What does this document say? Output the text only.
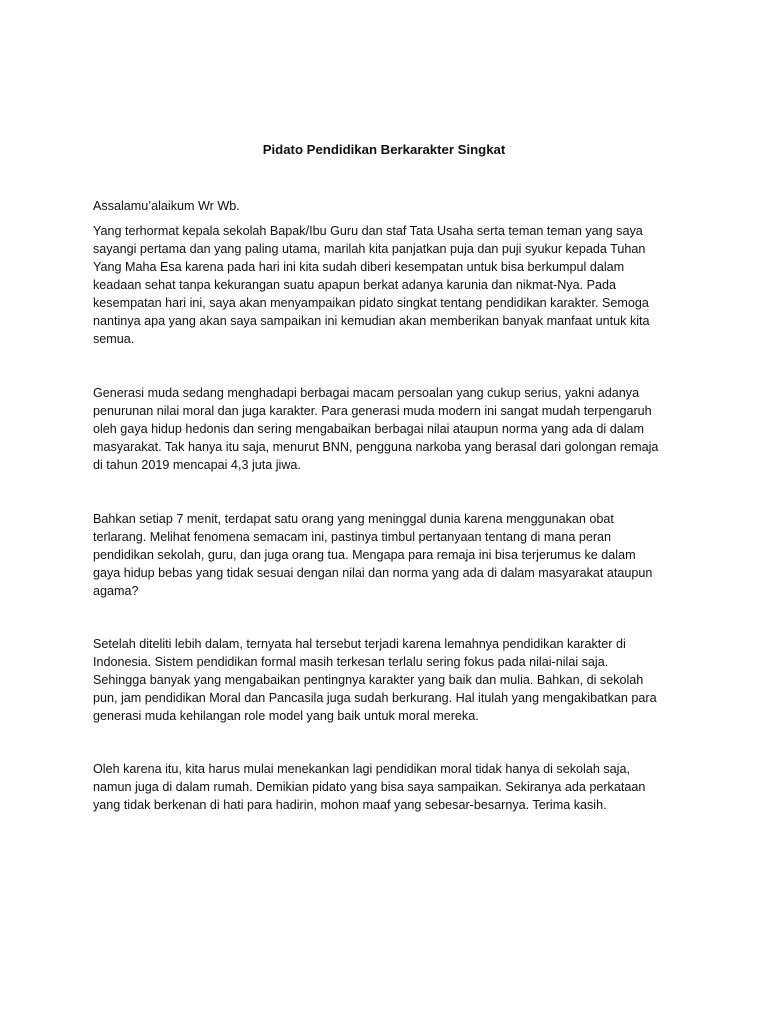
Pidato Pendidikan Berkarakter Singkat

Assalamu’alaikum Wr Wb.

Yang terhormat kepala sekolah Bapak/Ibu Guru dan staf Tata Usaha serta teman teman yang saya
sayangi pertama dan yang paling utama, marilah kita panjatkan puja dan puji syukur kepada Tuhan
Yang Maha Esa karena pada hari ini kita sudah diberi kesempatan untuk bisa berkumpul dalam
keadaan sehat tanpa kekurangan suatu apapun berkat adanya karunia dan nikmat-Nya. Pada
kesempatan hari ini, saya akan menyampaikan pidato singkat tentang pendidikan karakter. Semoga
nantinya apa yang akan saya sampaikan ini kemudian akan memberikan banyak manfaat untuk kita
semua.

Generasi muda sedang menghadapi berbagai macam persoalan yang cukup serius, yakni adanya
penurunan nilai moral dan juga karakter. Para generasi muda modern ini sangat mudah terpengaruh
oleh gaya hidup hedonis dan sering mengabaikan berbagai nilai ataupun norma yang ada di dalam
masyarakat. Tak hanya itu saja, menurut BNN, pengguna narkoba yang berasal dari golongan remaja
di tahun 2019 mencapai 4,3 juta jiwa.

Bahkan setiap 7 menit, terdapat satu orang yang meninggal dunia karena menggunakan obat
terlarang. Melihat fenomena semacam ini, pastinya timbul pertanyaan tentang di mana peran
pendidikan sekolah, guru, dan juga orang tua. Mengapa para remaja ini bisa terjerumus ke dalam
gaya hidup bebas yang tidak sesuai dengan nilai dan norma yang ada di dalam masyarakat ataupun
agama?

Setelah diteliti lebih dalam, ternyata hal tersebut terjadi karena lemahnya pendidikan karakter di
Indonesia. Sistem pendidikan formal masih terkesan terlalu sering fokus pada nilai-nilai saja.
Sehingga banyak yang mengabaikan pentingnya karakter yang baik dan mulia. Bahkan, di sekolah
pun, jam pendidikan Moral dan Pancasila juga sudah berkurang. Hal itulah yang mengakibatkan para
generasi muda kehilangan role model yang baik untuk moral mereka.

Oleh karena itu, kita harus mulai menekankan lagi pendidikan moral tidak hanya di sekolah saja,
namun juga di dalam rumah. Demikian pidato yang bisa saya sampaikan. Sekiranya ada perkataan
yang tidak berkenan di hati para hadirin, mohon maaf yang sebesar-besarnya. Terima kasih.
